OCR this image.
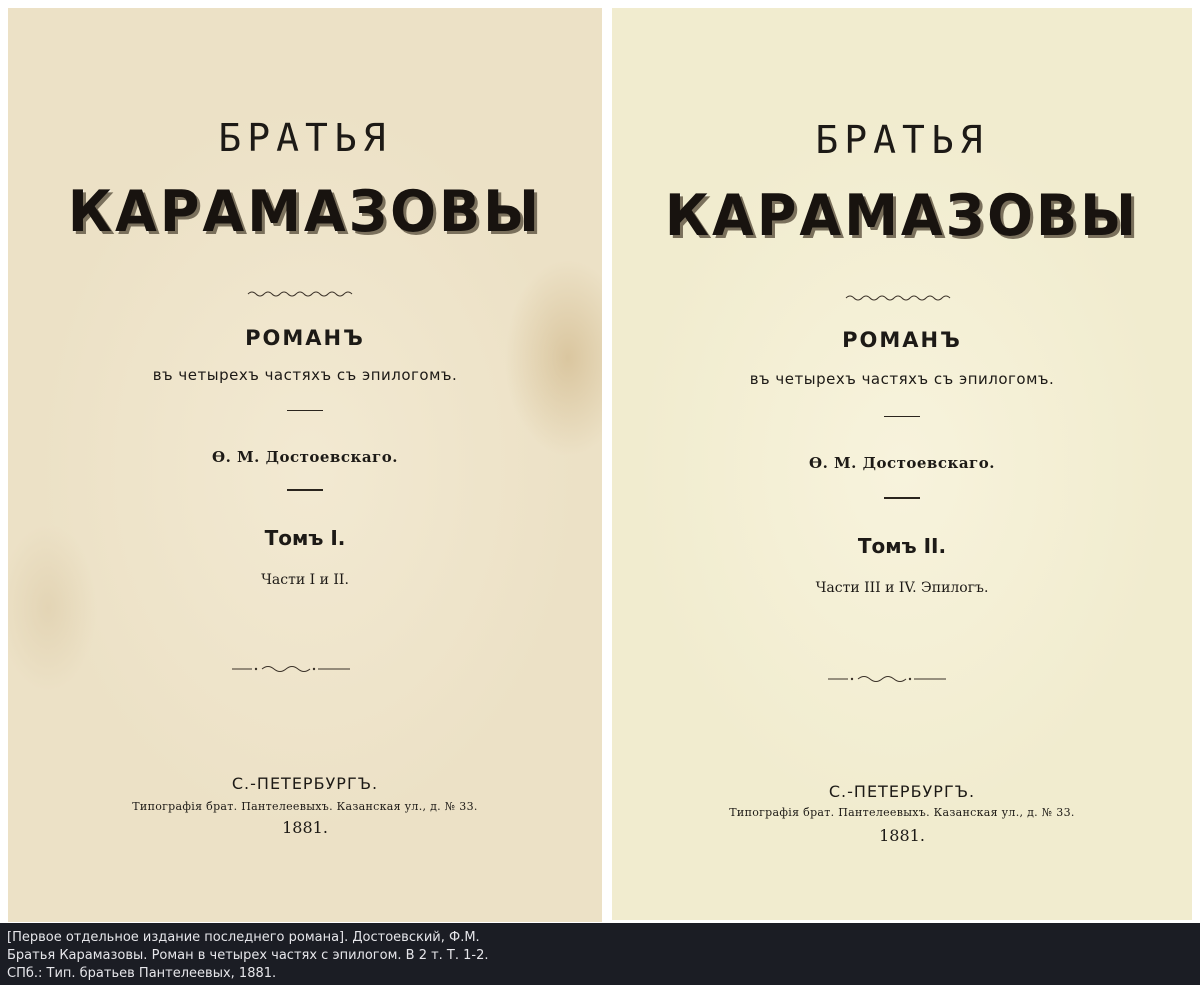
БРАТЬЯ

КАРАМАЗОВЫ

РОМАНЪ

въ четырехъ частяхъ съ эпилогомъ.

Ѳ. М. Достоевскаго.

Томъ I.

Части I и II.

С.-ПЕТЕРБУРГЪ.

Типографія брат. Пантелеевыхъ. Казанская ул., д. № 33.

1881.

БРАТЬЯ

КАРАМАЗОВЫ

РОМАНЪ

въ четырехъ частяхъ съ эпилогомъ.

Ѳ. М. Достоевскаго.

Томъ II.

Части III и IV. Эпилогъ.

С.-ПЕТЕРБУРГЪ.

Типографія брат. Пантелеевыхъ. Казанская ул., д. № 33.

1881.

[Первое отдельное издание последнего романа]. Достоевский, Ф.М.

Братья Карамазовы. Роман в четырех частях с эпилогом. В 2 т. Т. 1-2.

СПб.: Тип. братьев Пантелеевых, 1881.
